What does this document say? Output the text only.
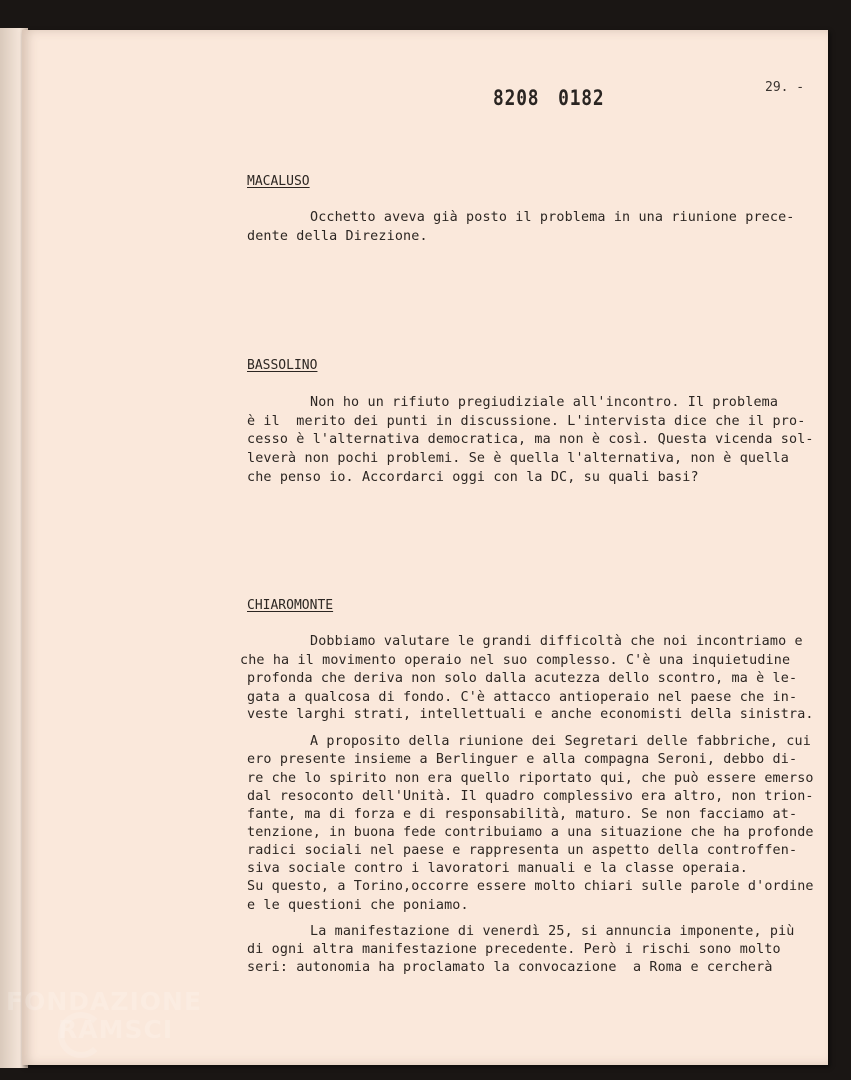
29. -
8208 0182
MACALUSO
Occhetto aveva già posto il problema in una riunione prece-
dente della Direzione.
BASSOLINO
Non ho un rifiuto pregiudiziale all'incontro. Il problema
è il  merito dei punti in discussione. L'intervista dice che il pro-
cesso è l'alternativa democratica, ma non è così. Questa vicenda sol-
leverà non pochi problemi. Se è quella l'alternativa, non è quella
che penso io. Accordarci oggi con la DC, su quali basi?
CHIAROMONTE
Dobbiamo valutare le grandi difficoltà che noi incontriamo e
che ha il movimento operaio nel suo complesso. C'è una inquietudine
profonda che deriva non solo dalla acutezza dello scontro, ma è le-
gata a qualcosa di fondo. C'è attacco antioperaio nel paese che in-
veste larghi strati, intellettuali e anche economisti della sinistra.
A proposito della riunione dei Segretari delle fabbriche, cui
ero presente insieme a Berlinguer e alla compagna Seroni, debbo di-
re che lo spirito non era quello riportato qui, che può essere emerso
dal resoconto dell'Unità. Il quadro complessivo era altro, non trion-
fante, ma di forza e di responsabilità, maturo. Se non facciamo at-
tenzione, in buona fede contribuiamo a una situazione che ha profonde
radici sociali nel paese e rappresenta un aspetto della controffen-
siva sociale contro i lavoratori manuali e la classe operaia.
Su questo, a Torino,occorre essere molto chiari sulle parole d'ordine
e le questioni che poniamo.
La manifestazione di venerdì 25, si annuncia imponente, più
di ogni altra manifestazione precedente. Però i rischi sono molto
seri: autonomia ha proclamato la convocazione  a Roma e cercherà
FONDAZIONE
RAMSCI
